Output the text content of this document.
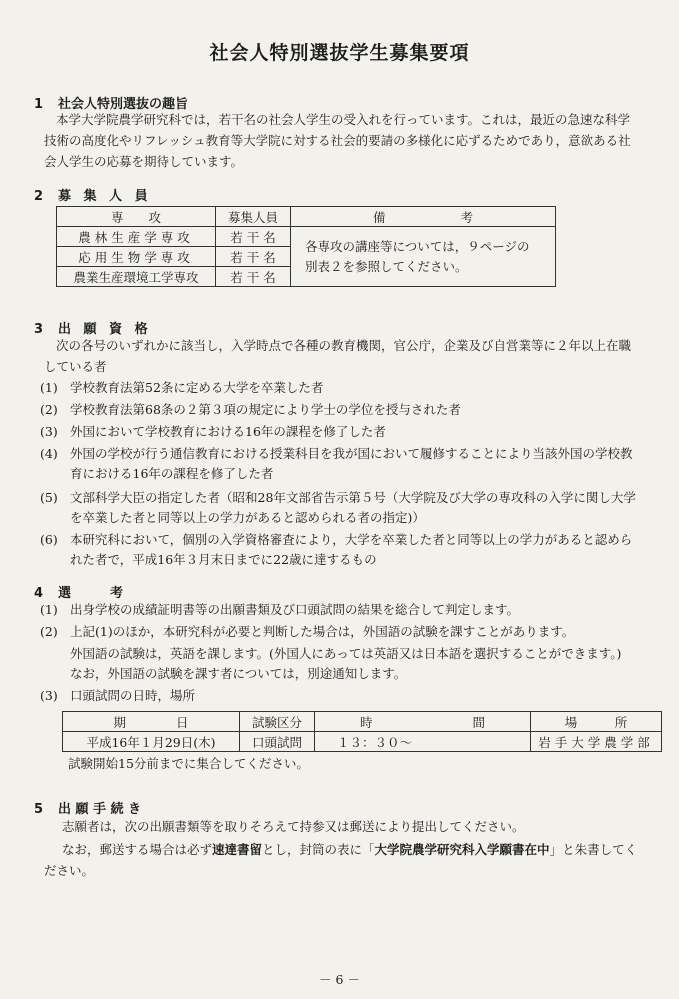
社会人特別選抜学生募集要項
1 社会人特別選抜の趣旨
本学大学院農学研究科では，若干名の社会人学生の受入れを行っています。これは，最近の急速な科学
技術の高度化やリフレッシュ教育等大学院に対する社会的要請の多様化に応ずるためであり，意欲ある社
会人学生の応募を期待しています。
2 募 集 人 員
専　　攻	募集人員	備　　　　　　考
農林生産学専攻	若 干 名	各専攻の講座等については，９ページの
別表２を参照してください。

応用生物学専攻	若 干 名	
農業生産環境工学専攻	若 干 名	
3 出 願 資 格
次の各号のいずれかに該当し，入学時点で各種の教育機関，官公庁，企業及び自営業等に２年以上在職
している者
(1) 学校教育法第52条に定める大学を卒業した者
(2) 学校教育法第68条の２第３項の規定により学士の学位を授与された者
(3) 外国において学校教育における16年の課程を修了した者
(4) 外国の学校が行う通信教育における授業科目を我が国において履修することにより当該外国の学校教
育における16年の課程を修了した者
(5) 文部科学大臣の指定した者（昭和28年文部省告示第５号（大学院及び大学の専攻科の入学に関し大学
を卒業した者と同等以上の学力があると認められる者の指定)）
(6) 本研究科において，個別の入学資格審査により，大学を卒業した者と同等以上の学力があると認めら
れた者で，平成16年３月末日までに22歳に達するもの
4 選　　　考
(1) 出身学校の成績証明書等の出願書類及び口頭試問の結果を総合して判定します。
(2) 上記(1)のほか，本研究科が必要と判断した場合は，外国語の試験を課すことがあります。
外国語の試験は，英語を課します。(外国人にあっては英語又は日本語を選択することができます。)
なお，外国語の試験を課す者については，別途通知します。
(3) 口頭試問の日時，場所
期　　　　日	試験区分	時　　　　　　　　間	場　　　所
平成16年１月29日(木)	口頭試問	１３：３０～	岩手大学農学部
試験開始15分前までに集合してください。
5 出 願 手 続 き
志願者は，次の出願書類等を取りそろえて持参又は郵送により提出してください。
なお，郵送する場合は必ず速達書留とし，封筒の表に「大学院農学研究科入学願書在中」と朱書してく
ださい。
－ 6 －
